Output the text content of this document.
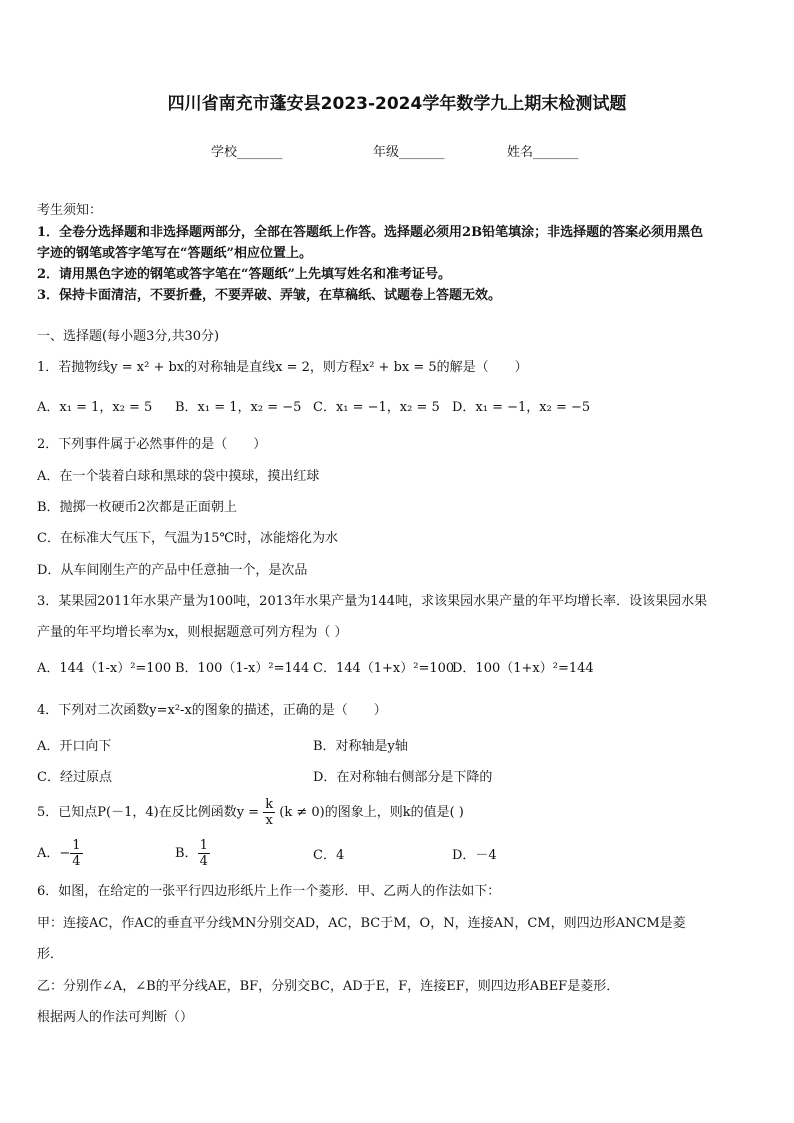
四川省南充市蓬安县2023-2024学年数学九上期末检测试题
学校_______	年级_______	姓名_______
考生须知：
1．全卷分选择题和非选择题两部分，全部在答题纸上作答。选择题必须用2B铅笔填涂；非选择题的答案必须用黑色
字迹的钢笔或答字笔写在“答题纸”相应位置上。
2．请用黑色字迹的钢笔或答字笔在“答题纸”上先填写姓名和准考证号。
3．保持卡面清洁，不要折叠，不要弄破、弄皱，在草稿纸、试题卷上答题无效。
一、选择题(每小题3分,共30分)
1．若抛物线y = x² + bx的对称轴是直线x = 2，则方程x² + bx = 5的解是（　　）
A．x₁ = 1，x₂ = 5 B．x₁ = 1，x₂ = −5 C．x₁ = −1，x₂ = 5 D．x₁ = −1，x₂ = −5
2．下列事件属于必然事件的是（　　）
A．在一个装着白球和黑球的袋中摸球，摸出红球
B．抛掷一枚硬币2次都是正面朝上
C．在标准大气压下，气温为15℃时，冰能熔化为水
D．从车间刚生产的产品中任意抽一个，是次品
3．某果园2011年水果产量为100吨，2013年水果产量为144吨，求该果园水果产量的年平均增长率．设该果园水果
产量的年平均增长率为x，则根据题意可列方程为（ ）
A．144（1-x）²=100 B．100（1-x）²=144 C．144（1+x）²=100
D．100（1+x）²=144
4．下列对二次函数y=x²-x的图象的描述，正确的是（　　）
A．开口向下	B．对称轴是y轴
C．经过原点	D．在对称轴右侧部分是下降的
5．已知点P(－1，4)在反比例函数$y = \frac{k}{x} (k \ne 0)$的图象上，则k的值是( )
A．− $\frac{1}{4}$	B． $\frac{1}{4}$	C．4	D．－4
6．如图，在给定的一张平行四边形纸片上作一个菱形．甲、乙两人的作法如下：
甲：连接AC，作AC的垂直平分线MN分别交AD，AC，BC于M，O，N，连接AN，CM，则四边形ANCM是菱
形．
乙：分别作∠A，∠B的平分线AE，BF，分别交BC，AD于E，F，连接EF，则四边形ABEF是菱形．
根据两人的作法可判断（）
